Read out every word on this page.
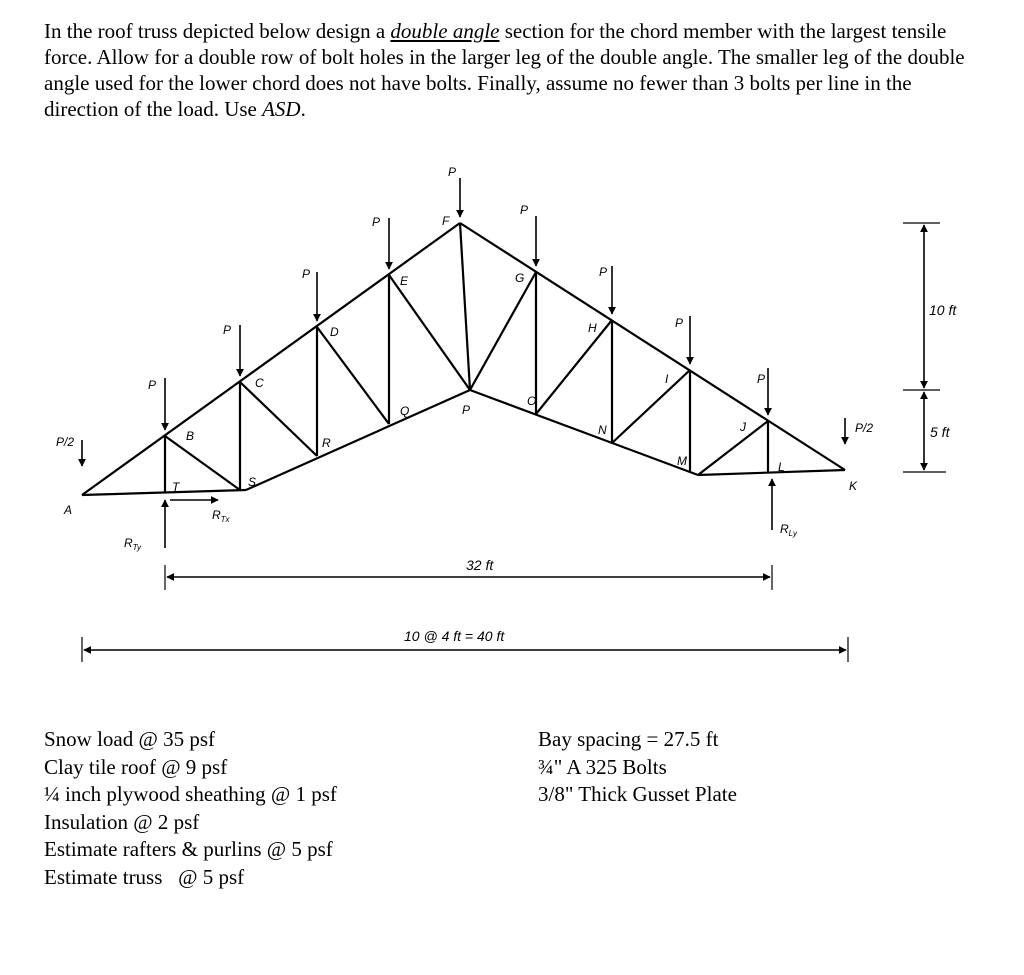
In the roof truss depicted below design a double angle section for the chord member with the largest tensile force. Allow for a double row of bolt holes in the larger leg of the double angle. The smaller leg of the double angle used for the lower chord does not have bolts. Finally, assume no fewer than 3 bolts per line in the direction of the load. Use ASD.

P
P
P
P
P
P
P
P
P
P/2
P/2
A
B
C
D
E
F
G
H
I
J
K
L
M
N
O
P
Q
R
S
T
$R_{Ty}$
$R_{Tx}$
$R_{Ly}$
32 ft
10 @ 4 ft = 40 ft
10 ft
5 ft
Snow load @ 35 psf
Clay tile roof @ 9 psf
¼ inch plywood sheathing @ 1 psf
Insulation @ 2 psf
Estimate rafters & purlins @ 5 psf
Estimate truss   @ 5 psf
Bay spacing = 27.5 ft
¾" A 325 Bolts
3/8" Thick Gusset Plate
